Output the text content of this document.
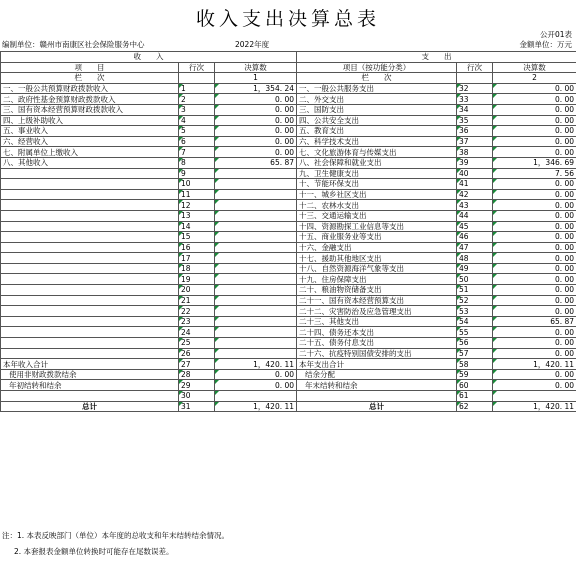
收入支出决算总表
公开01表
编制单位：赣州市南康区社会保险服务中心	2022年度	金额单位：万元
收　　入			支　　出		
项　　目	行次	决算数	项目（按功能分类）	行次	决算数
栏　　次		1	栏　　次		2
一、一般公共预算财政拨款收入	1	1，354. 24	一、一般公共服务支出	32	0. 00
二、政府性基金预算财政拨款收入	2	0. 00	二、外交支出	33	0. 00
三、国有资本经营预算财政拨款收入	3	0. 00	三、国防支出	34	0. 00
四、上级补助收入	4	0. 00	四、公共安全支出	35	0. 00
五、事业收入	5	0. 00	五、教育支出	36	0. 00
六、经营收入	6	0. 00	六、科学技术支出	37	0. 00
七、附属单位上缴收入	7	0. 00	七、文化旅游体育与传媒支出	38	0. 00
八、其他收入	8	65. 87	八、社会保障和就业支出	39	1，346. 69
	9		九、卫生健康支出	40	7. 56
	10		十、节能环保支出	41	0. 00
	11		十一、城乡社区支出	42	0. 00
	12		十二、农林水支出	43	0. 00
	13		十三、交通运输支出	44	0. 00
	14		十四、资源勘探工业信息等支出	45	0. 00
	15		十五、商业服务业等支出	46	0. 00
	16		十六、金融支出	47	0. 00
	17		十七、援助其他地区支出	48	0. 00
	18		十八、自然资源海洋气象等支出	49	0. 00
	19		十九、住房保障支出	50	0. 00
	20		二十、粮油物资储备支出	51	0. 00
	21		二十一、国有资本经营预算支出	52	0. 00
	22		二十二、灾害防治及应急管理支出	53	0. 00
	23		二十三、其他支出	54	65. 87
	24		二十四、债务还本支出	55	0. 00
	25		二十五、债务付息支出	56	0. 00
	26		二十六、抗疫特别国债安排的支出	57	0. 00
本年收入合计	27	1，420. 11	本年支出合计	58	1，420. 11
使用非财政拨款结余	28	0. 00	结余分配	59	0. 00
年初结转和结余	29	0. 00	年末结转和结余	60	0. 00
	30			61	
总计	31	1，420. 11	总计	62	1，420. 11
注：1. 本表反映部门（单位）本年度的总收支和年末结转结余情况。
2. 本套报表金额单位转换时可能存在尾数误差。
